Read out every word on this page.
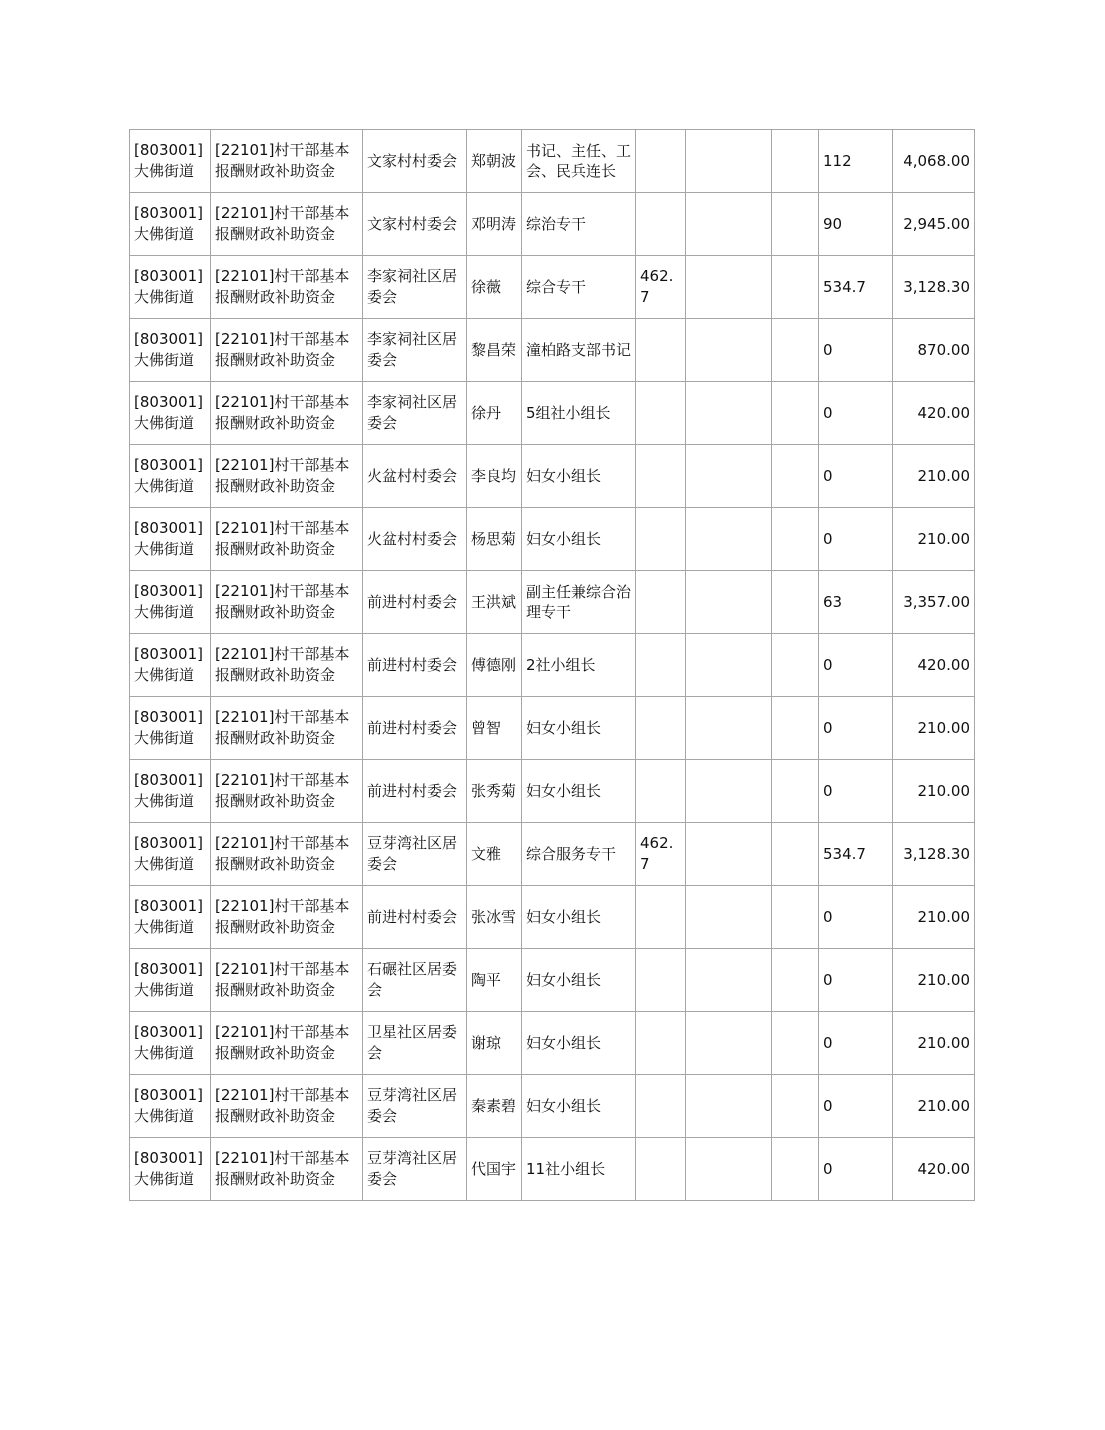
[803001]大佛街道	[22101]村干部基本报酬财政补助资金	文家村村委会	郑朝波	书记、主任、工会、民兵连长				112	4,068.00
[803001]大佛街道	[22101]村干部基本报酬财政补助资金	文家村村委会	邓明涛	综治专干				90	2,945.00
[803001]大佛街道	[22101]村干部基本报酬财政补助资金	李家祠社区居委会	徐薇	综合专干	462.7			534.7	3,128.30
[803001]大佛街道	[22101]村干部基本报酬财政补助资金	李家祠社区居委会	黎昌荣	潼柏路支部书记				0	870.00
[803001]大佛街道	[22101]村干部基本报酬财政补助资金	李家祠社区居委会	徐丹	5组社小组长				0	420.00
[803001]大佛街道	[22101]村干部基本报酬财政补助资金	火盆村村委会	李良均	妇女小组长				0	210.00
[803001]大佛街道	[22101]村干部基本报酬财政补助资金	火盆村村委会	杨思菊	妇女小组长				0	210.00
[803001]大佛街道	[22101]村干部基本报酬财政补助资金	前进村村委会	王洪斌	副主任兼综合治理专干				63	3,357.00
[803001]大佛街道	[22101]村干部基本报酬财政补助资金	前进村村委会	傅德刚	2社小组长				0	420.00
[803001]大佛街道	[22101]村干部基本报酬财政补助资金	前进村村委会	曾智	妇女小组长				0	210.00
[803001]大佛街道	[22101]村干部基本报酬财政补助资金	前进村村委会	张秀菊	妇女小组长				0	210.00
[803001]大佛街道	[22101]村干部基本报酬财政补助资金	豆芽湾社区居委会	文雅	综合服务专干	462.7			534.7	3,128.30
[803001]大佛街道	[22101]村干部基本报酬财政补助资金	前进村村委会	张冰雪	妇女小组长				0	210.00
[803001]大佛街道	[22101]村干部基本报酬财政补助资金	石碾社区居委会	陶平	妇女小组长				0	210.00
[803001]大佛街道	[22101]村干部基本报酬财政补助资金	卫星社区居委会	谢琼	妇女小组长				0	210.00
[803001]大佛街道	[22101]村干部基本报酬财政补助资金	豆芽湾社区居委会	秦素碧	妇女小组长				0	210.00
[803001]大佛街道	[22101]村干部基本报酬财政补助资金	豆芽湾社区居委会	代国宇	11社小组长				0	420.00
